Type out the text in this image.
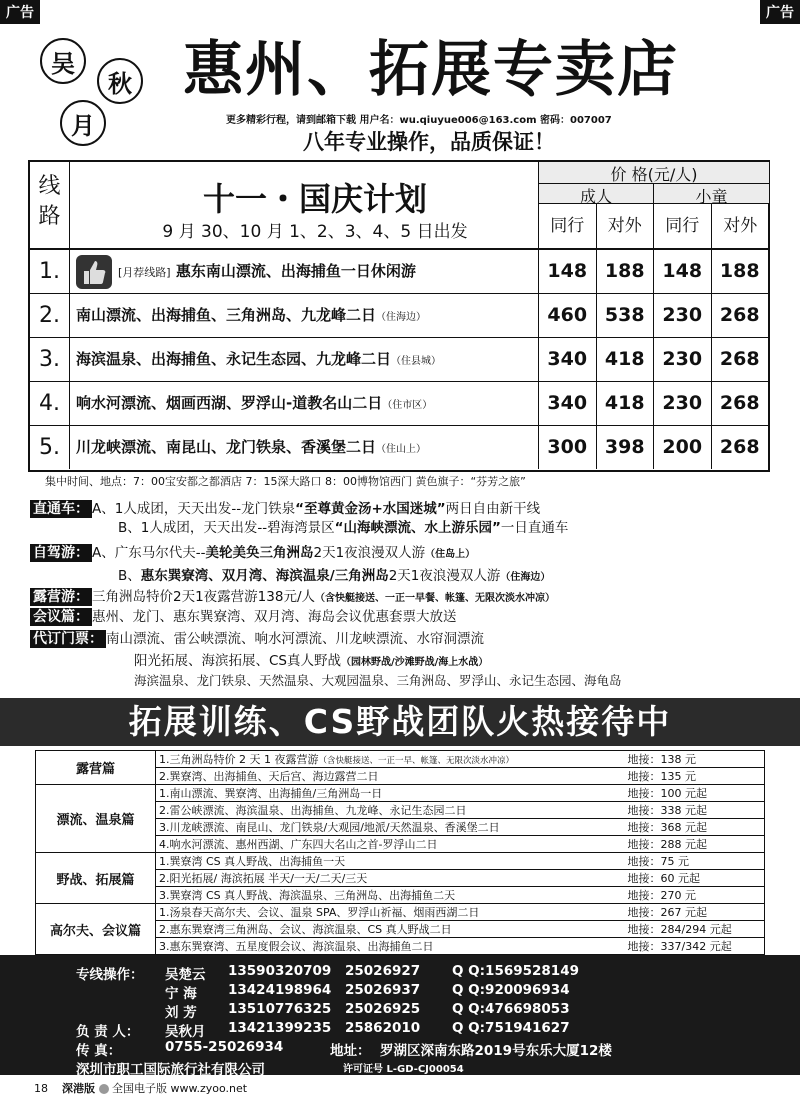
广告	广告
吴
秋
月
惠州、拓展专卖店
更多精彩行程，请到邮箱下载 用户名：wu.qiuyue006@163.com 密码：007007
八年专业操作，品质保证！
线
路	十一・国庆计划
9 月 30、10 月 1、2、3、4、5 日出发
价 格(元/人)
成人	小童
同行	对外	同行	对外
1.	[月荐线路] 惠东南山漂流、出海捕鱼一日休闲游	148 188 148 188
2.	南山漂流、出海捕鱼、三角洲岛、九龙峰二日（住海边）	460 538 230 268
3.	海滨温泉、出海捕鱼、永记生态园、九龙峰二日（住县城）	340 418 230 268
4.	响水河漂流、烟画西湖、罗浮山-道教名山二日（住市区）	340 418 230 268
5.	川龙峡漂流、南昆山、龙门铁泉、香溪堡二日（住山上）	300 398 200 268
集中时间、地点：7：00宝安都之都酒店 7：15深大路口 8：00博物馆西门 黄色旗子：“芬芳之旅”
直通车： A、1人成团，天天出发--龙门铁泉“至尊黄金汤+水国迷城”两日自由新干线
B、1人成团，天天出发--碧海湾景区“山海峡漂流、水上游乐园”一日直通车
自驾游： A、广东马尔代夫--美轮美奂三角洲岛2天1夜浪漫双人游（住岛上）
B、惠东巽寮湾、双月湾、海滨温泉/三角洲岛2天1夜浪漫双人游（住海边）
露营游： 三角洲岛特价2天1夜露营游138元/人（含快艇接送、一正一早餐、帐篷、无限次淡水冲凉）
会议篇： 惠州、龙门、惠东巽寮湾、双月湾、海岛会议优惠套票大放送
代订门票： 南山漂流、雷公峡漂流、响水河漂流、川龙峡漂流、水帘洞漂流
阳光拓展、海滨拓展、CS真人野战（园林野战/沙滩野战/海上水战）
海滨温泉、龙门铁泉、天然温泉、大观园温泉、三角洲岛、罗浮山、永记生态园、海龟岛
拓展训练、CS野战团队火热接待中
露营篇	1.三角洲岛特价 2 天 1 夜露营游（含快艇接送、一正一早、帐篷、无限次淡水冲凉）	地接：138 元
	2.巽寮湾、出海捕鱼、天后宫、海边露营二日	地接：135 元
漂流、温泉篇	1.南山漂流、巽寮湾、出海捕鱼/三角洲岛一日	地接：100 元起
	2.雷公峡漂流、海滨温泉、出海捕鱼、九龙峰、永记生态园二日	地接：338 元起
	3.川龙峡漂流、南昆山、龙门铁泉/大观园/地派/天然温泉、香溪堡二日	地接：368 元起
	4.响水河漂流、惠州西湖、广东四大名山之首-罗浮山二日	地接：288 元起
野战、拓展篇	1.巽寮湾 CS 真人野战、出海捕鱼一天	地接：75 元
	2.阳光拓展/ 海滨拓展 半天/一天/二天/三天	地接：60 元起
	3.巽寮湾 CS 真人野战、海滨温泉、三角洲岛、出海捕鱼二天	地接：270 元
高尔夫、会议篇	1.汤泉春天高尔夫、会议、温泉 SPA、罗浮山祈福、烟雨西湖二日	地接：267 元起
	2.惠东巽寮湾三角洲岛、会议、海滨温泉、CS 真人野战二日	地接：284/294 元起
	3.惠东巽寮湾、五星度假会议、海滨温泉、出海捕鱼二日	地接：337/342 元起
专线操作： 吴楚云 13590320709 25026927 Q Q:1569528149
宁 海 13424198964 25026937 Q Q:920096934
刘 芳 13510776325 25026925 Q Q:476698053
负 责 人： 吴秋月 13421399235 25862010 Q Q:751941627
传 真：	0755-25026934	地址： 罗湖区深南东路2019号东乐大厦12楼
深圳市职工国际旅行社有限公司	许可证号 L-GD-CJ00054
18 深港版 全国电子版 www.zyoo.net
